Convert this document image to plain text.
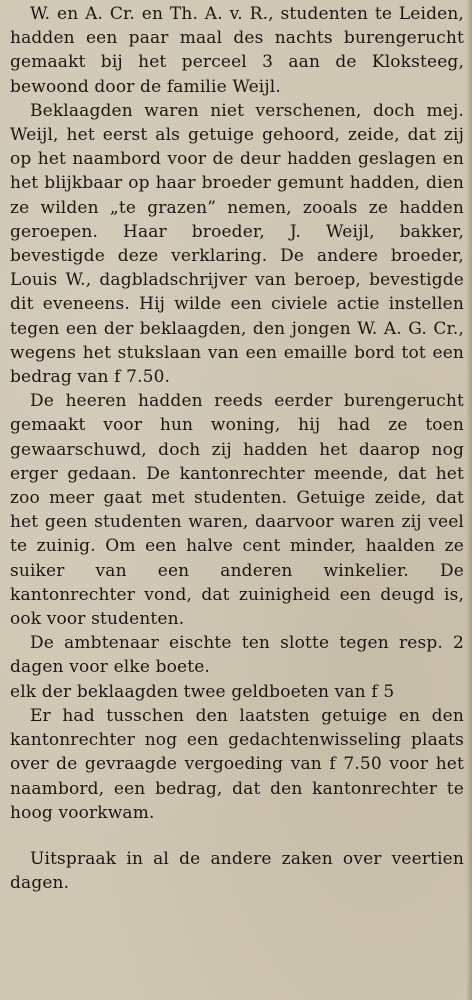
W. en A. Cr. en Th. A. v. R., studenten te Leiden, hadden een paar maal des nachts burengerucht gemaakt bij het perceel 3 aan de Kloksteeg, bewoond door de familie Weijl.

Beklaagden waren niet verschenen, doch mej. Weijl, het eerst als getuige gehoord, zeide, dat zij op het naambord voor de deur hadden geslagen en het blijkbaar op haar broeder gemunt hadden, dien ze wilden „te grazen” nemen, zooals ze hadden geroepen. Haar broeder, J. Weijl, bakker, bevestigde deze verklaring. De andere broeder, Louis W., dagbladschrijver van beroep, bevestigde dit eveneens. Hij wilde een civiele actie instellen tegen een der beklaagden, den jongen W. A. G. Cr., wegens het stukslaan van een emaille bord tot een bedrag van f 7.50.

De heeren hadden reeds eerder burengerucht gemaakt voor hun woning, hij had ze toen gewaarschuwd, doch zij hadden het daarop nog erger gedaan. De kantonrechter meende, dat het zoo meer gaat met studenten. Getuige zeide, dat het geen studenten waren, daarvoor waren zij veel te zuinig. Om een halve cent minder, haalden ze suiker van een anderen winkelier. De kantonrechter vond, dat zuinigheid een deugd is, ook voor studenten.

De ambtenaar eischte ten slotte tegen resp. 2 dagen voor elke boete.

elk der beklaagden twee geldboeten van f 5

Er had tusschen den laatsten getuige en den kantonrechter nog een gedachtenwisseling plaats over de gevraagde vergoeding van f 7.50 voor het naambord, een bedrag, dat den kantonrechter te hoog voorkwam.

Uitspraak in al de andere zaken over veertien dagen.
